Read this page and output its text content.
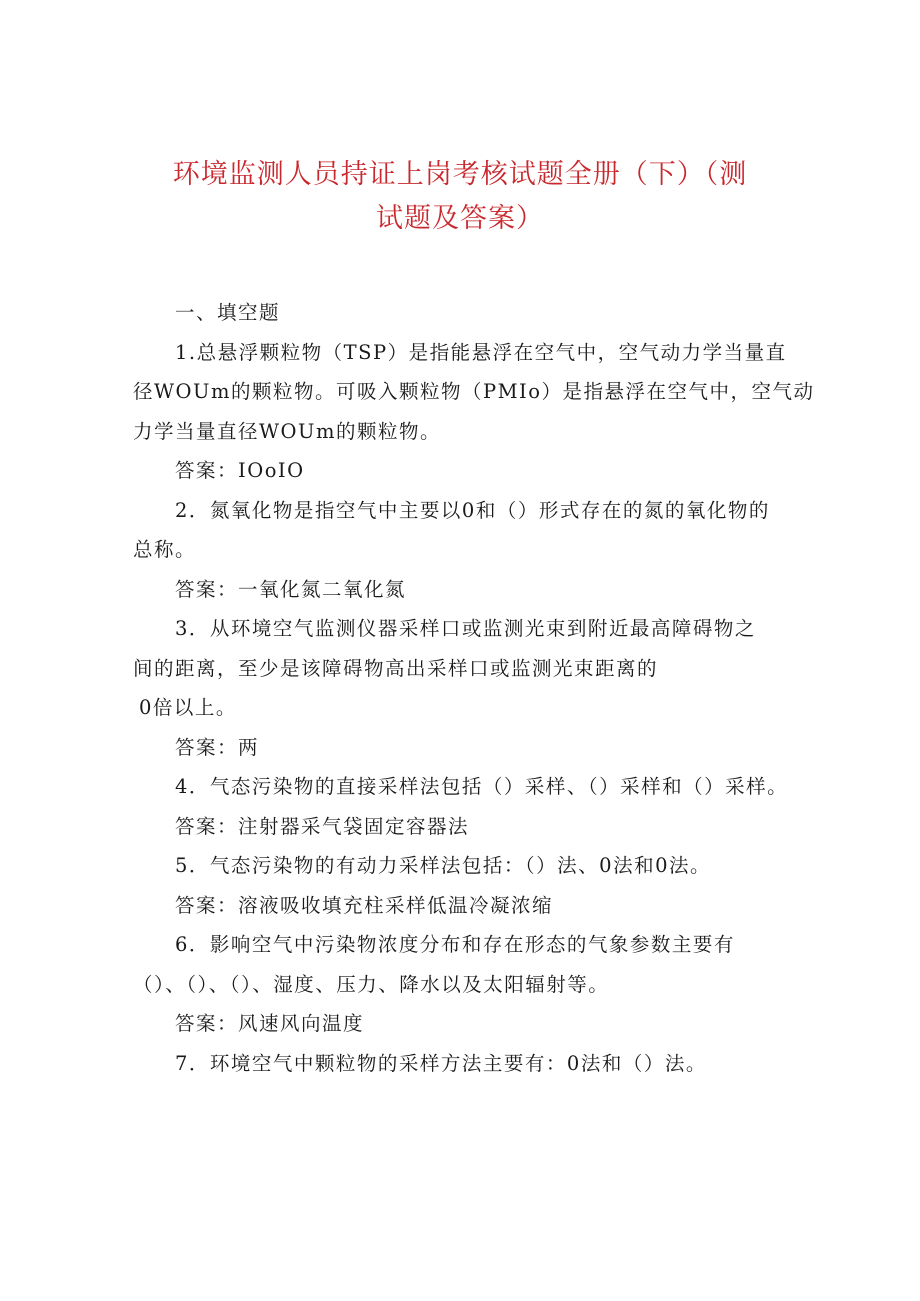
环境监测人员持证上岗考核试题全册（下）（测
试题及答案）

一、填空题

1.总悬浮颗粒物（TSP）是指能悬浮在空气中，空气动力学当量直
径WOUm的颗粒物。可吸入颗粒物（PMIo）是指悬浮在空气中，空气动
力学当量直径WOUm的颗粒物。

答案：IOoIO

2．氮氧化物是指空气中主要以0和（）形式存在的氮的氧化物的
总称。

答案：一氧化氮二氧化氮

3．从环境空气监测仪器采样口或监测光束到附近最高障碍物之
间的距离，至少是该障碍物高出采样口或监测光束距离的

0倍以上。

答案：两

4．气态污染物的直接采样法包括（）采样、（）采样和（）采样。

答案：注射器采气袋固定容器法

5．气态污染物的有动力采样法包括：（）法、0法和0法。

答案：溶液吸收填充柱采样低温冷凝浓缩

6．影响空气中污染物浓度分布和存在形态的气象参数主要有
（）、（）、（）、湿度、压力、降水以及太阳辐射等。

答案：风速风向温度

7．环境空气中颗粒物的采样方法主要有：0法和（）法。
